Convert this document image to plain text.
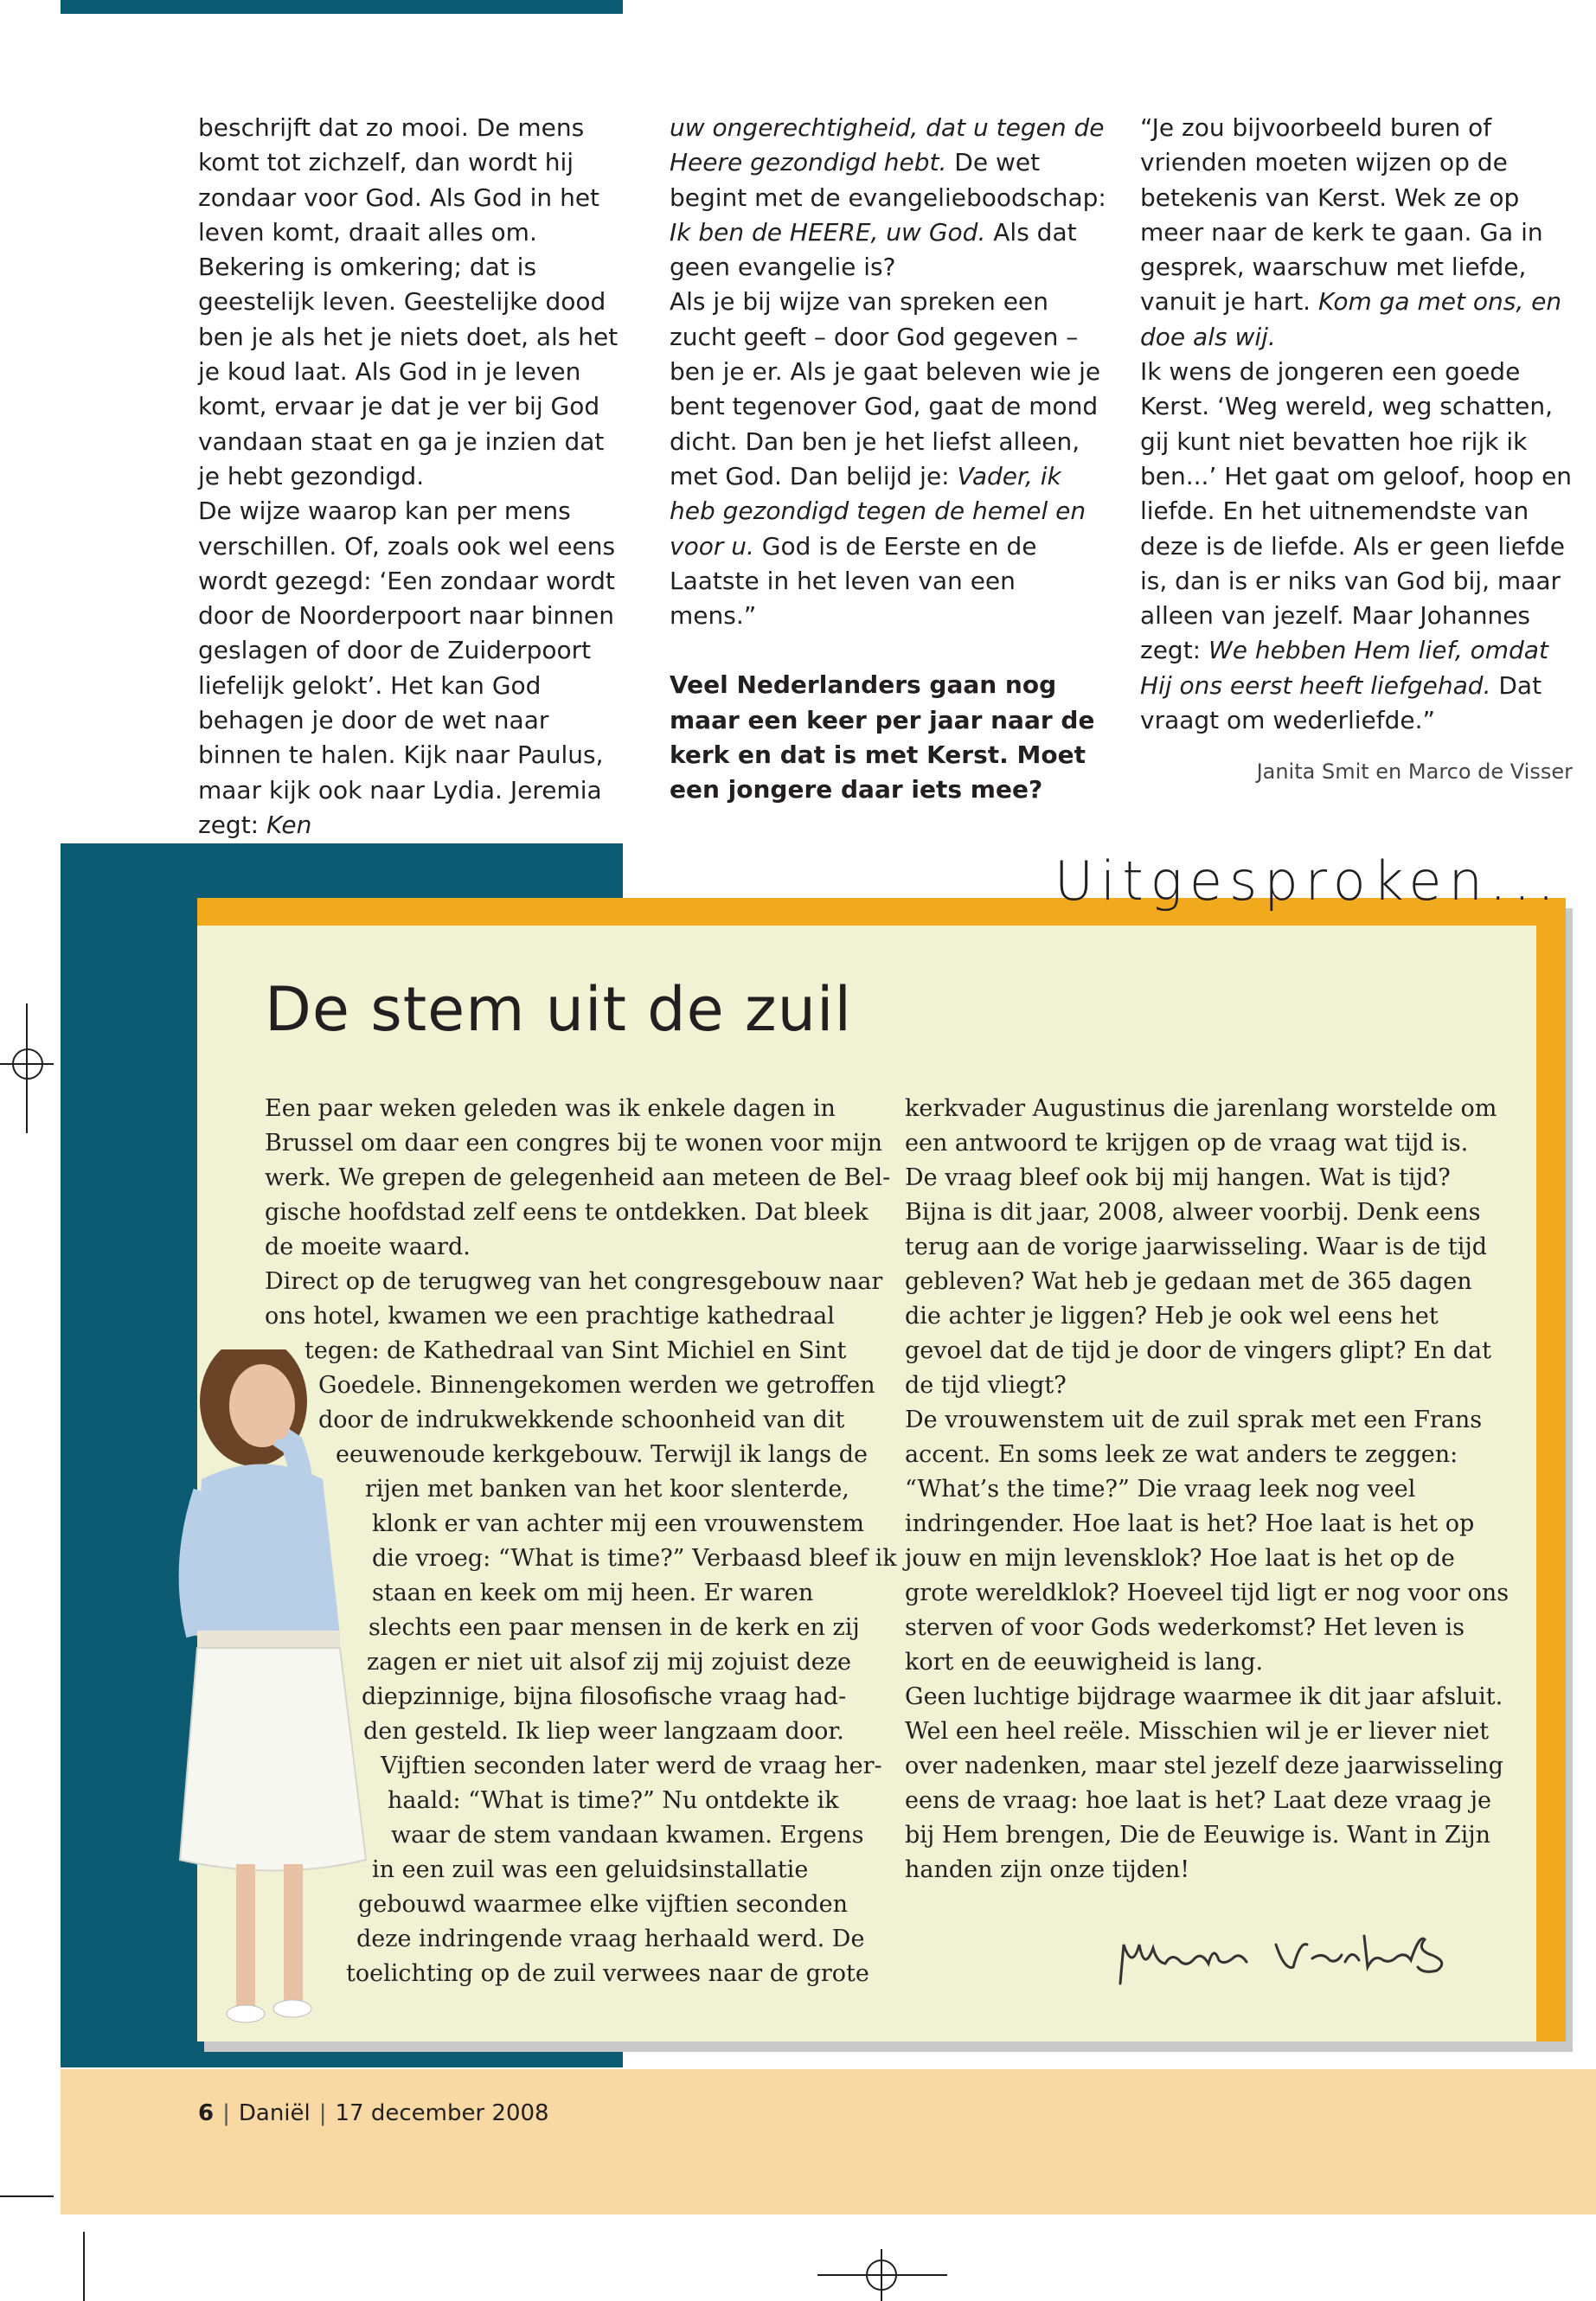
beschrijft dat zo mooi. De mens komt tot zichzelf, dan wordt hij zondaar voor God. Als God in het leven komt, draait alles om. Bekering is omkering; dat is geestelijk leven. Geestelijke dood ben je als het je niets doet, als het je koud laat. Als God in je leven komt, ervaar je dat je ver bij God vandaan staat en ga je inzien dat je hebt gezondigd.

De wijze waarop kan per mens verschillen. Of, zoals ook wel eens wordt gezegd: ‘Een zondaar wordt door de Noorderpoort naar binnen geslagen of door de Zuiderpoort liefelijk gelokt’. Het kan God behagen je door de wet naar binnen te halen. Kijk naar Paulus, maar kijk ook naar Lydia. Jeremia zegt: Ken

uw ongerechtigheid, dat u tegen de Heere gezondigd hebt. De wet begint met de evangelieboodschap: Ik ben de HEERE, uw God. Als dat geen evangelie is?

Als je bij wijze van spreken een zucht geeft – door God gegeven – ben je er. Als je gaat beleven wie je bent tegenover God, gaat de mond dicht. Dan ben je het liefst alleen, met God. Dan belijd je: Vader, ik heb gezondigd tegen de hemel en voor u. God is de Eerste en de Laatste in het leven van een mens.”

Veel Nederlanders gaan nog maar een keer per jaar naar de kerk en dat is met Kerst. Moet een jongere daar iets mee?

“Je zou bijvoorbeeld buren of vrienden moeten wijzen op de betekenis van Kerst. Wek ze op meer naar de kerk te gaan. Ga in gesprek, waarschuw met liefde, vanuit je hart. Kom ga met ons, en doe als wij.

Ik wens de jongeren een goede Kerst. ‘Weg wereld, weg schatten, gij kunt niet bevatten hoe rijk ik ben...’ Het gaat om geloof, hoop en liefde. En het uitnemendste van deze is de liefde. Als er geen liefde is, dan is er niks van God bij, maar alleen van jezelf. Maar Johannes zegt: We hebben Hem lief, omdat Hij ons eerst heeft liefgehad. Dat vraagt om wederliefde.”

Janita Smit en Marco de Visser
Uitgesproken...
De stem uit de zuil
Een paar weken geleden was ik enkele dagen in
Brussel om daar een congres bij te wonen voor mijn
werk. We grepen de gelegenheid aan meteen de Bel-
gische hoofdstad zelf eens te ontdekken. Dat bleek
de moeite waard.
Direct op de terugweg van het congresgebouw naar
ons hotel, kwamen we een prachtige kathedraal
tegen: de Kathedraal van Sint Michiel en Sint
Goedele. Binnengekomen werden we getroffen
door de indrukwekkende schoonheid van dit
eeuwenoude kerkgebouw. Terwijl ik langs de
rijen met banken van het koor slenterde,
klonk er van achter mij een vrouwenstem
die vroeg: “What is time?” Verbaasd bleef ik
staan en keek om mij heen. Er waren
slechts een paar mensen in de kerk en zij
zagen er niet uit alsof zij mij zojuist deze
diepzinnige, bijna filosofische vraag had-
den gesteld. Ik liep weer langzaam door.
Vijftien seconden later werd de vraag her-
haald: “What is time?” Nu ontdekte ik
waar de stem vandaan kwamen. Ergens
in een zuil was een geluidsinstallatie
gebouwd waarmee elke vijftien seconden
deze indringende vraag herhaald werd. De
toelichting op de zuil verwees naar de grote

kerkvader Augustinus die jarenlang worstelde om een antwoord te krijgen op de vraag wat tijd is.

De vraag bleef ook bij mij hangen. Wat is tijd? Bijna is dit jaar, 2008, alweer voorbij. Denk eens terug aan de vorige jaarwisseling. Waar is de tijd gebleven? Wat heb je gedaan met de 365 dagen die achter je liggen? Heb je ook wel eens het gevoel dat de tijd je door de vingers glipt? En dat de tijd vliegt?

De vrouwenstem uit de zuil sprak met een Frans accent. En soms leek ze wat anders te zeggen: “What’s the time?” Die vraag leek nog veel indringender. Hoe laat is het? Hoe laat is het op jouw en mijn levensklok? Hoe laat is het op de grote wereldklok? Hoeveel tijd ligt er nog voor ons sterven of voor Gods wederkomst? Het leven is kort en de eeuwigheid is lang.

Geen luchtige bijdrage waarmee ik dit jaar afsluit. Wel een heel reële. Misschien wil je er liever niet over nadenken, maar stel jezelf deze jaarwisseling eens de vraag: hoe laat is het? Laat deze vraag je bij Hem brengen, Die de Eeuwige is. Want in Zijn handen zijn onze tijden!

6 | Daniël | 17 december 2008
